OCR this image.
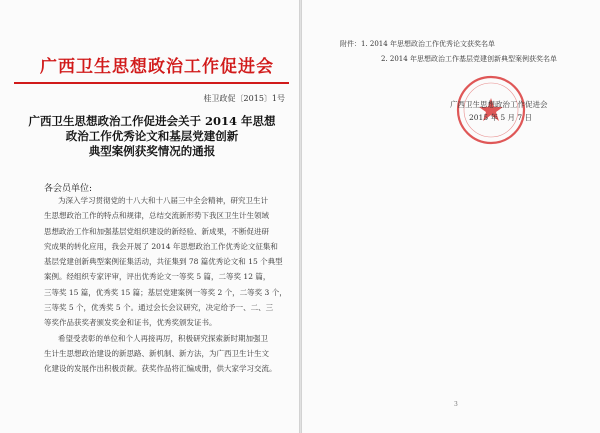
广西卫生思想政治工作促进会
桂卫政促〔2015〕1号
广西卫生思想政治工作促进会关于 2014 年思想
政治工作优秀论文和基层党建创新
典型案例获奖情况的通报
各会员单位:

为深入学习贯彻党的十八大和十八届三中全会精神，研究卫生计
生思想政治工作的特点和规律，总结交流新形势下我区卫生计生领域
思想政治工作和加强基层党组织建设的新经验、新成果，不断促进研
究成果的转化应用，我会开展了 2014 年思想政治工作优秀论文征集和
基层党建创新典型案例征集活动，共征集到 78 篇优秀论文和 15 个典型
案例。经组织专家评审，评出优秀论文一等奖 5 篇，二等奖 12 篇，
三等奖 15 篇，优秀奖 15 篇；基层党建案例一等奖 2 个，二等奖 3 个，
三等奖 5 个，优秀奖 5 个。通过会长会议研究，决定给予一、二、三
等奖作品获奖者颁发奖金和证书，优秀奖颁发证书。

希望受表彰的单位和个人再接再厉，积极研究探索新时期加强卫
生计生思想政治建设的新思路、新机制、新方法，为广西卫生计生文
化建设的发展作出积极贡献。获奖作品将汇编成册，供大家学习交流。

附件：1. 2014 年思想政治工作优秀论文获奖名单
2. 2014 年思想政治工作基层党建创新典型案例获奖名单
广西卫生思想政治工作促进会
2015 年 5 月 7 日
3
